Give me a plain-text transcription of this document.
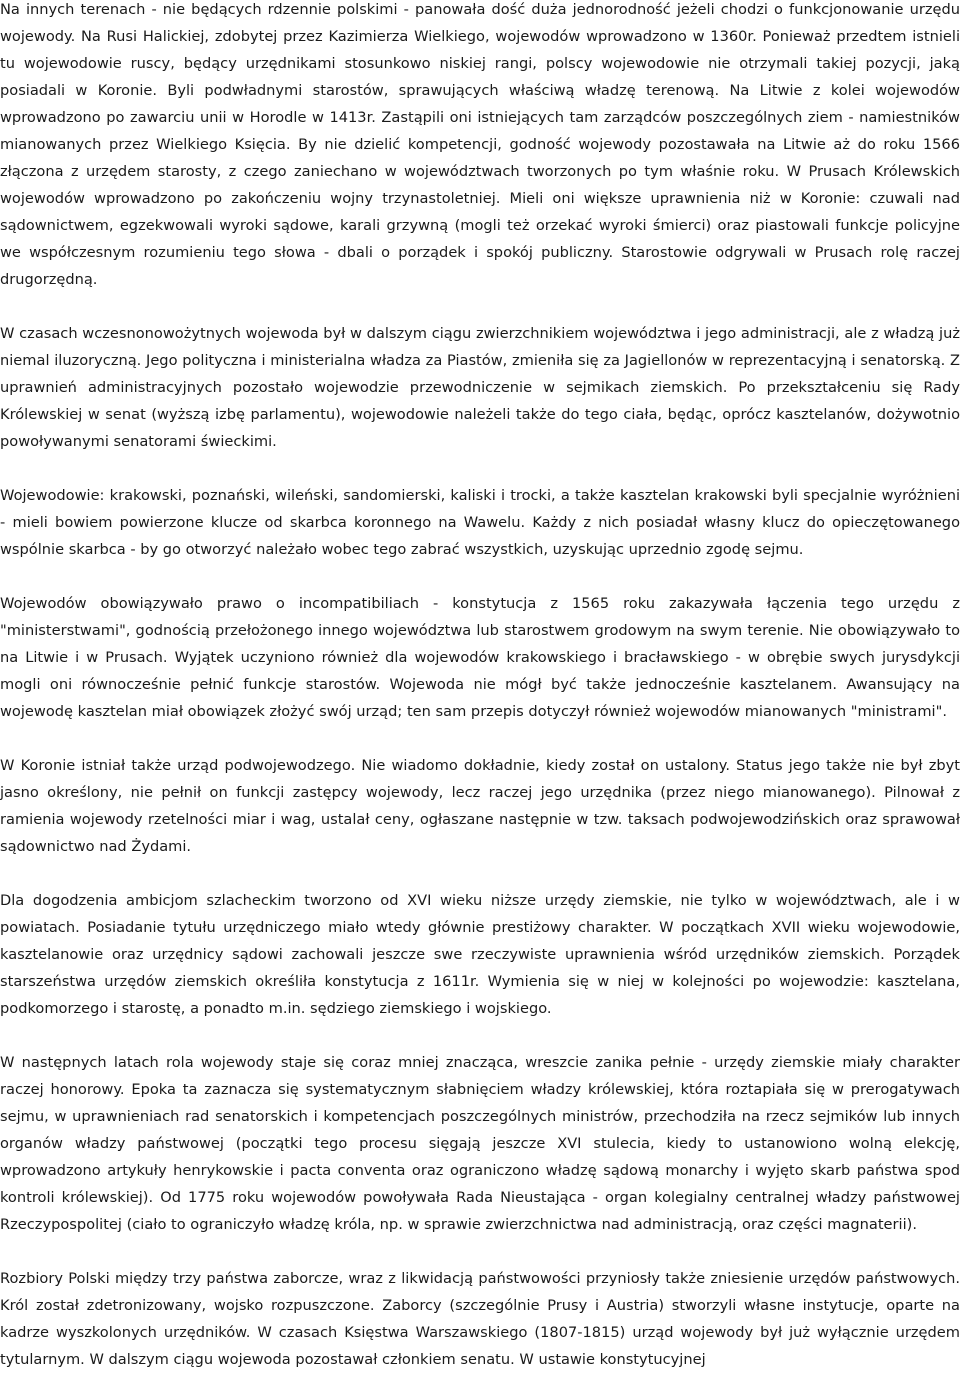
Na innych terenach - nie będących rdzennie polskimi - panowała dość duża jednorodność jeżeli chodzi o funkcjonowanie urzędu wojewody. Na Rusi Halickiej, zdobytej przez Kazimierza Wielkiego, wojewodów wprowadzono w 1360r. Ponieważ przedtem istnieli tu wojewodowie ruscy, będący urzędnikami stosunkowo niskiej rangi, polscy wojewodowie nie otrzymali takiej pozycji, jaką posiadali w Koronie. Byli podwładnymi starostów, sprawujących właściwą władzę terenową. Na Litwie z kolei wojewodów wprowadzono po zawarciu unii w Horodle w 1413r. Zastąpili oni istniejących tam zarządców poszczególnych ziem - namiestników mianowanych przez Wielkiego Księcia. By nie dzielić kompetencji, godność wojewody pozostawała na Litwie aż do roku 1566 złączona z urzędem starosty, z czego zaniechano w województwach tworzonych po tym właśnie roku. W Prusach Królewskich wojewodów wprowadzono po zakończeniu wojny trzynastoletniej. Mieli oni większe uprawnienia niż w Koronie: czuwali nad sądownictwem, egzekwowali wyroki sądowe, karali grzywną (mogli też orzekać wyroki śmierci) oraz piastowali funkcje policyjne we współczesnym rozumieniu tego słowa - dbali o porządek i spokój publiczny. Starostowie odgrywali w Prusach rolę raczej drugorzędną.

W czasach wczesnonowożytnych wojewoda był w dalszym ciągu zwierzchnikiem województwa i jego administracji, ale z władzą już niemal iluzoryczną. Jego polityczna i ministerialna władza za Piastów, zmieniła się za Jagiellonów w reprezentacyjną i senatorską. Z uprawnień administracyjnych pozostało wojewodzie przewodniczenie w sejmikach ziemskich. Po przekształceniu się Rady Królewskiej w senat (wyższą izbę parlamentu), wojewodowie należeli także do tego ciała, będąc, oprócz kasztelanów, dożywotnio powoływanymi senatorami świeckimi.

Wojewodowie: krakowski, poznański, wileński, sandomierski, kaliski i trocki, a także kasztelan krakowski byli specjalnie wyróżnieni - mieli bowiem powierzone klucze od skarbca koronnego na Wawelu. Każdy z nich posiadał własny klucz do opieczętowanego wspólnie skarbca - by go otworzyć należało wobec tego zabrać wszystkich, uzyskując uprzednio zgodę sejmu.

Wojewodów obowiązywało prawo o incompatibiliach - konstytucja z 1565 roku zakazywała łączenia tego urzędu z "ministerstwami", godnością przełożonego innego województwa lub starostwem grodowym na swym terenie. Nie obowiązywało to na Litwie i w Prusach. Wyjątek uczyniono również dla wojewodów krakowskiego i bracławskiego - w obrębie swych jurysdykcji mogli oni równocześnie pełnić funkcje starostów. Wojewoda nie mógł być także jednocześnie kasztelanem. Awansujący na wojewodę kasztelan miał obowiązek złożyć swój urząd; ten sam przepis dotyczył również wojewodów mianowanych "ministrami".

W Koronie istniał także urząd podwojewodzego. Nie wiadomo dokładnie, kiedy został on ustalony. Status jego także nie był zbyt jasno określony, nie pełnił on funkcji zastępcy wojewody, lecz raczej jego urzędnika (przez niego mianowanego). Pilnował z ramienia wojewody rzetelności miar i wag, ustalał ceny, ogłaszane następnie w tzw. taksach podwojewodzińskich oraz sprawował sądownictwo nad Żydami.

Dla dogodzenia ambicjom szlacheckim tworzono od XVI wieku niższe urzędy ziemskie, nie tylko w województwach, ale i w powiatach. Posiadanie tytułu urzędniczego miało wtedy głównie prestiżowy charakter. W początkach XVII wieku wojewodowie, kasztelanowie oraz urzędnicy sądowi zachowali jeszcze swe rzeczywiste uprawnienia wśród urzędników ziemskich. Porządek starszeństwa urzędów ziemskich określiła konstytucja z 1611r. Wymienia się w niej w kolejności po wojewodzie: kasztelana, podkomorzego i starostę, a ponadto m.in. sędziego ziemskiego i wojskiego.

W następnych latach rola wojewody staje się coraz mniej znacząca, wreszcie zanika pełnie - urzędy ziemskie miały charakter raczej honorowy. Epoka ta zaznacza się systematycznym słabnięciem władzy królewskiej, która roztapiała się w prerogatywach sejmu, w uprawnieniach rad senatorskich i kompetencjach poszczególnych ministrów, przechodziła na rzecz sejmików lub innych organów władzy państwowej (początki tego procesu sięgają jeszcze XVI stulecia, kiedy to ustanowiono wolną elekcję, wprowadzono artykuły henrykowskie i pacta conventa oraz ograniczono władzę sądową monarchy i wyjęto skarb państwa spod kontroli królewskiej). Od 1775 roku wojewodów powoływała Rada Nieustająca - organ kolegialny centralnej władzy państwowej Rzeczypospolitej (ciało to ograniczyło władzę króla, np. w sprawie zwierzchnictwa nad administracją, oraz części magnaterii).

Rozbiory Polski między trzy państwa zaborcze, wraz z likwidacją państwowości przyniosły także zniesienie urzędów państwowych. Król został zdetronizowany, wojsko rozpuszczone. Zaborcy (szczególnie Prusy i Austria) stworzyli własne instytucje, oparte na kadrze wyszkolonych urzędników. W czasach Księstwa Warszawskiego (1807-1815) urząd wojewody był już wyłącznie urzędem tytularnym. W dalszym ciągu wojewoda pozostawał członkiem senatu. W ustawie konstytucyjnej
